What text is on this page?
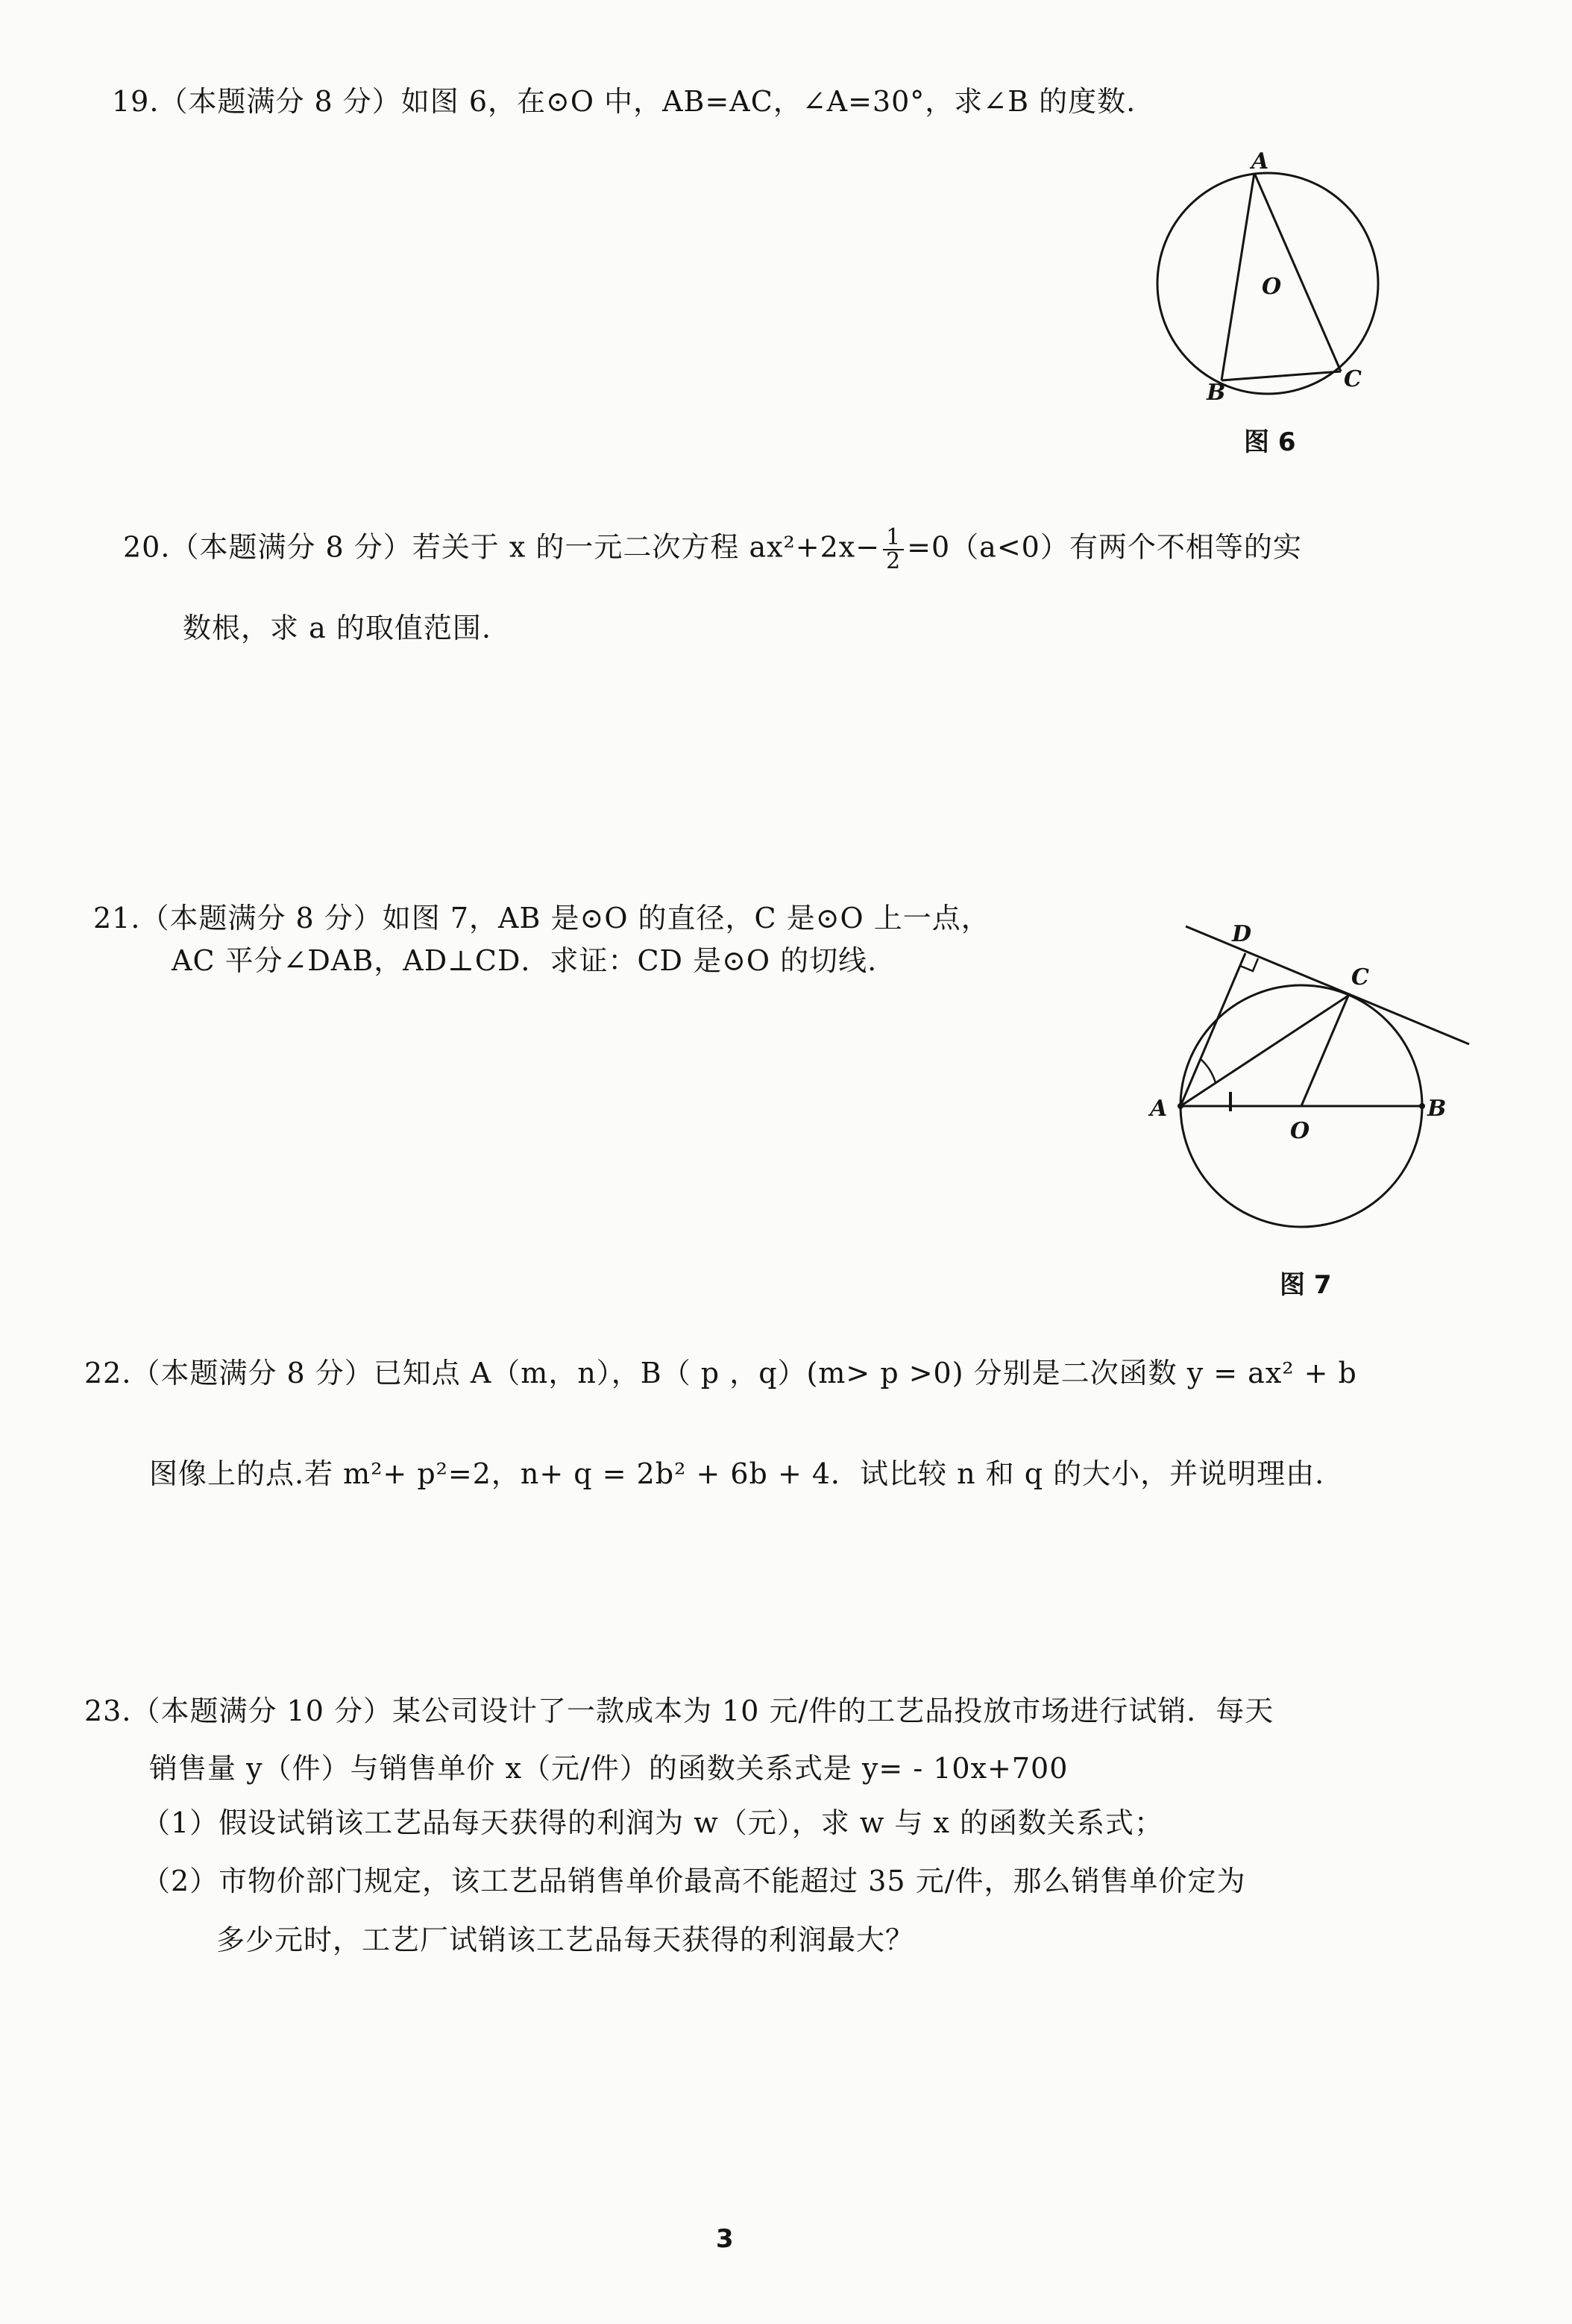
19.（本题满分 8 分）如图 6，在⊙O 中，AB=AC，∠A=30°，求∠B 的度数.
A
B
C
O
图 6
20.（本题满分 8 分）若关于 x 的一元二次方程 $ax^2+2x- \frac{1}{2} =0(a<0)$有两个不相等的实
数根，求 a 的取值范围.
21.（本题满分 8 分）如图 7，AB 是⊙O 的直径，C 是⊙O 上一点，
AC 平分∠DAB，AD⊥CD．求证：CD 是⊙O 的切线.
D
C
A	B
O
图 7
22.（本题满分 8 分）已知点 A（m，n），B（ p ，q）(m> p >0) 分别是二次函数 y = ax² + b
图像上的点.若 m²+ p²=2，n+ q = 2b² + 6b + 4．试比较 n 和 q 的大小，并说明理由.
23.（本题满分 10 分）某公司设计了一款成本为 10 元/件的工艺品投放市场进行试销．每天
销售量 y（件）与销售单价 x（元/件）的函数关系式是 y= - 10x+700
（1）假设试销该工艺品每天获得的利润为 w（元），求 w 与 x 的函数关系式；
（2）市物价部门规定，该工艺品销售单价最高不能超过 35 元/件，那么销售单价定为
多少元时，工艺厂试销该工艺品每天获得的利润最大？
3
